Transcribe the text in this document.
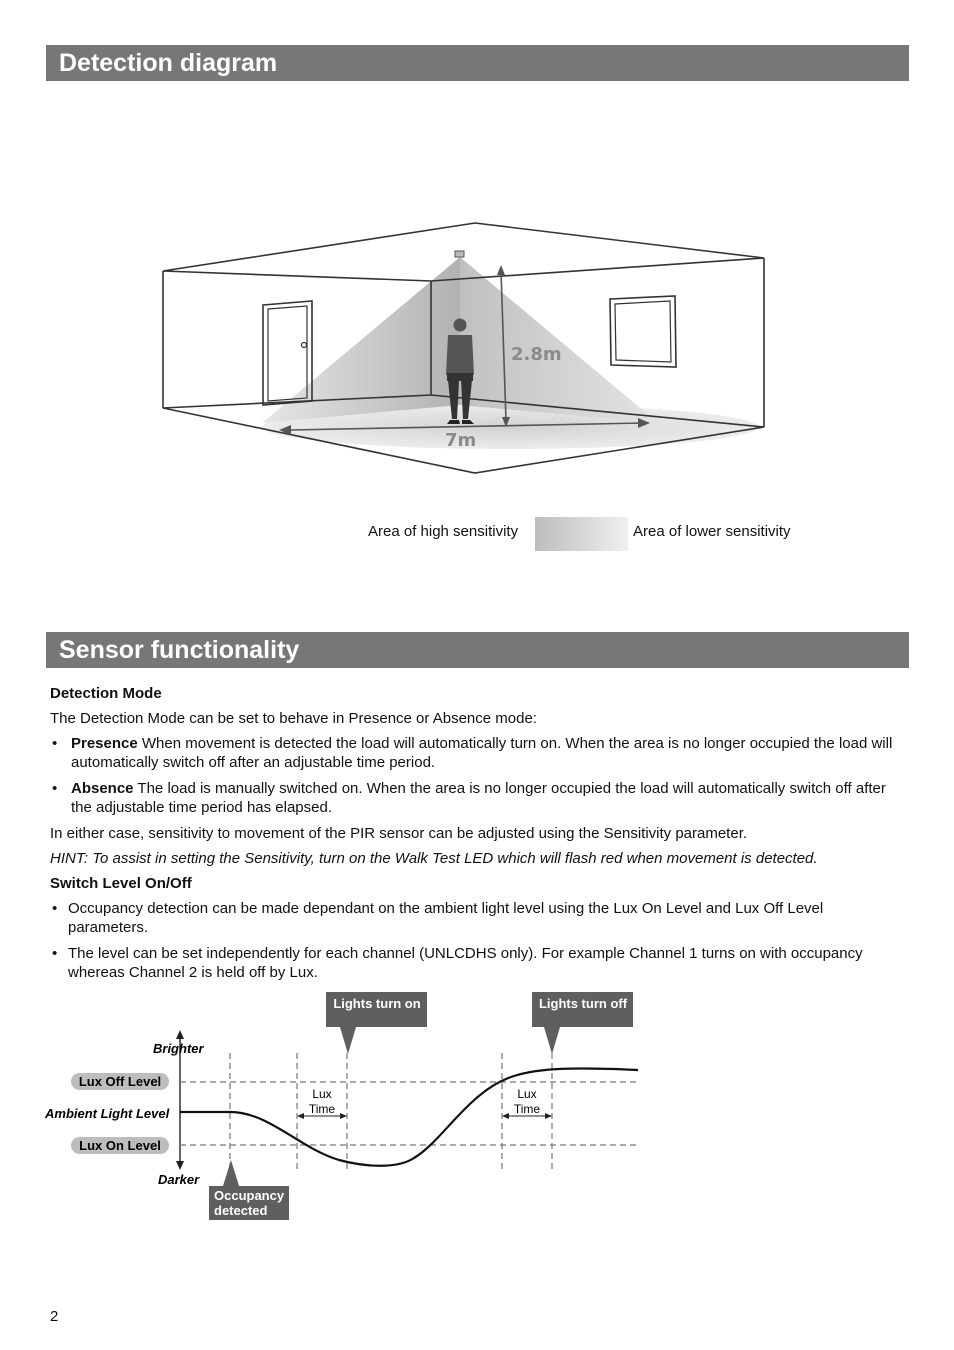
Detection diagram
2.8m
7m
Area of high sensitivity	Area of lower sensitivity
Sensor functionality

Detection Mode

The Detection Mode can be set to behave in Presence or Absence mode:

• Presence When movement is detected the load will automatically turn on. When the area is no longer occupied the load will automatically switch off after an adjustable time period.
• Absence The load is manually switched on. When the area is no longer occupied the load will automatically switch off after the adjustable time period has elapsed.

In either case, sensitivity to movement of the PIR sensor can be adjusted using the Sensitivity parameter.

HINT: To assist in setting the Sensitivity, turn on the Walk Test LED which will flash red when movement is detected.

Switch Level On/Off

• Occupancy detection can be made dependant on the ambient light level using the Lux On Level and Lux Off Level parameters.
• The level can be set independently for each channel (UNLCDHS only). For example Channel 1 turns on with occupancy whereas Channel 2 is held off by Lux.
Brighter
Darker
Ambient Light Level
Lux Off Level
Lux On Level
Lux
Time
Lux
Time
Lights turn on	Lights turn off
Occupancy
detected
2
